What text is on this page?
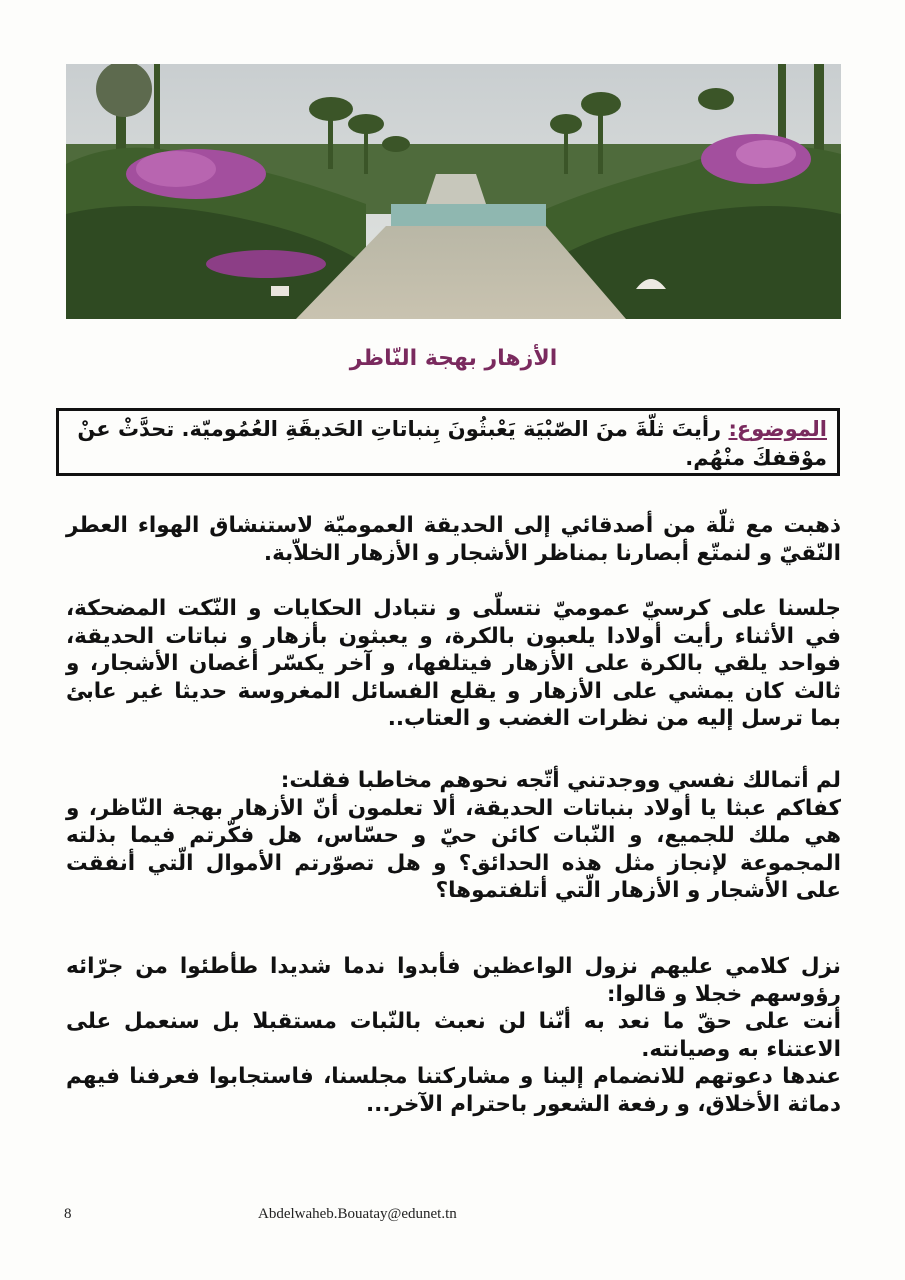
الأزهار بهجة النّاظر
الموضوع: رأيتَ ثلّةَ منَ الصّبْيَة يَعْبثُونَ بِنباتاتِ الحَديقَةِ العُمُوميّة. تحدَّثْ عنْ موْقفكَ منْهُم.
ذهبت مع ثلّة من أصدقائي إلى الحديقة العموميّة لاستنشاق الهواء العطر النّقيّ و لنمتّع أبصارنا بمناظر الأشجار و الأزهار الخلاّبة.
جلسنا على كرسيّ عموميّ نتسلّى و نتبادل الحكايات و النّكت المضحكة، في الأثناء رأيت أولادا يلعبون بالكرة، و يعبثون بأزهار و نباتات الحديقة، فواحد يلقي بالكرة على الأزهار فيتلفها، و آخر يكسّر أغصان الأشجار، و ثالث كان يمشي على الأزهار و يقلع الفسائل المغروسة حديثا غير عابئ بما ترسل إليه من نظرات الغضب و العتاب..
لم أتمالك نفسي ووجدتني أتّجه نحوهم مخاطبا فقلت:
كفاكم عبثا يا أولاد بنباتات الحديقة، ألا تعلمون أنّ الأزهار بهجة النّاظر، و هي ملك للجميع، و النّبات كائن حيّ و حسّاس، هل فكّرتم فيما بذلته المجموعة لإنجاز مثل هذه الحدائق؟ و هل تصوّرتم الأموال الّتي أنفقت على الأشجار و الأزهار الّتي أتلفتموها؟
نزل كلامي عليهم نزول الواعظين فأبدوا ندما شديدا طأطئوا من جرّائه رؤوسهم خجلا و قالوا:
أنت على حقّ ما نعد به أنّنا لن نعبث بالنّبات مستقبلا بل سنعمل على الاعتناء به وصيانته.
عندها دعوتهم للانضمام إلينا و مشاركتنا مجلسنا، فاستجابوا فعرفنا فيهم دماثة الأخلاق، و رفعة الشعور باحترام الآخر...
8	Abdelwaheb.Bouatay@edunet.tn
